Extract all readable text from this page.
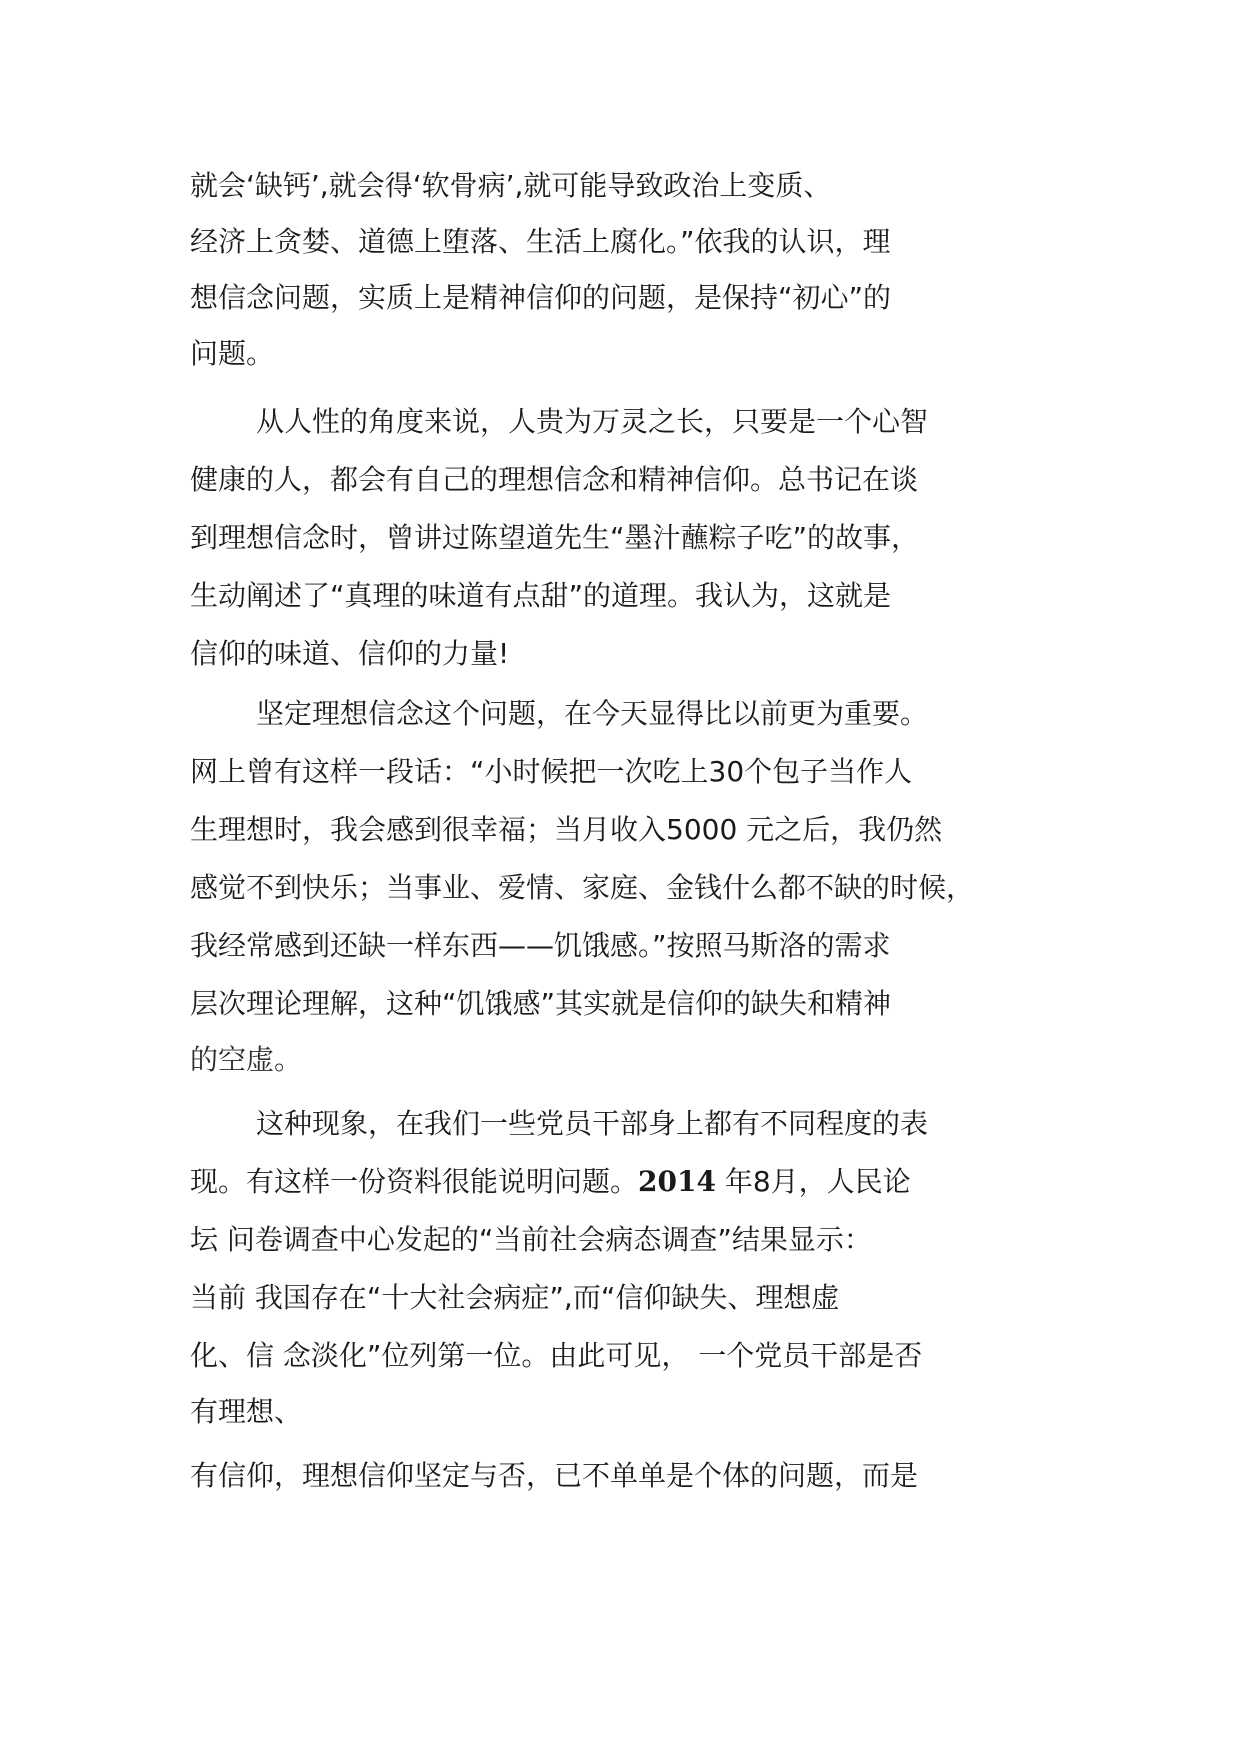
就会‘缺钙’,就会得‘软骨病’,就可能导致政治上变质、
经济上贪婪、道德上堕落、生活上腐化。”依我的认识，理
想信念问题，实质上是精神信仰的问题，是保持“初心”的
问题。
从人性的角度来说，人贵为万灵之长，只要是一个心智
健康的人，都会有自己的理想信念和精神信仰。总书记在谈
到理想信念时，曾讲过陈望道先生“墨汁蘸粽子吃”的故事，
生动阐述了“真理的味道有点甜”的道理。我认为，这就是
信仰的味道、信仰的力量!
坚定理想信念这个问题，在今天显得比以前更为重要。
网上曾有这样一段话：“小时候把一次吃上30个包子当作人
生理想时，我会感到很幸福；当月收入5000 元之后，我仍然
感觉不到快乐；当事业、爱情、家庭、金钱什么都不缺的时候，
我经常感到还缺一样东西——饥饿感。”按照马斯洛的需求
层次理论理解，这种“饥饿感”其实就是信仰的缺失和精神
的空虚。
这种现象，在我们一些党员干部身上都有不同程度的表
现。有这样一份资料很能说明问题。2014 年8月，人民论
坛 问卷调查中心发起的“当前社会病态调查”结果显示：
当前 我国存在“十大社会病症”,而“信仰缺失、理想虚
化、信 念淡化”位列第一位。由此可见， 一个党员干部是否
有理想、
有信仰，理想信仰坚定与否，已不单单是个体的问题，而是
